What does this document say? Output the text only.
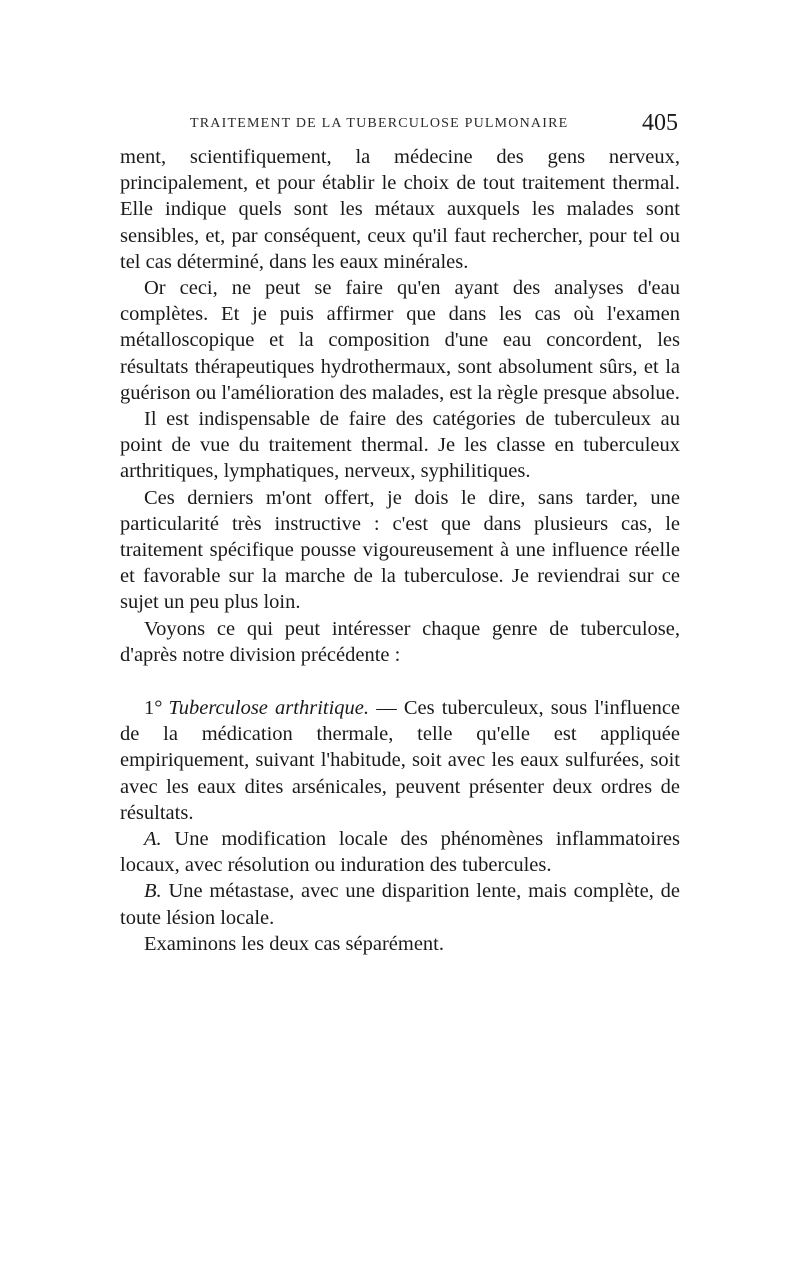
TRAITEMENT DE LA TUBERCULOSE PULMONAIRE	405

ment, scientifiquement, la médecine des gens nerveux, principalement, et pour établir le choix de tout traitement thermal. Elle indique quels sont les métaux auxquels les malades sont sensibles, et, par conséquent, ceux qu'il faut rechercher, pour tel ou tel cas déterminé, dans les eaux minérales.

Or ceci, ne peut se faire qu'en ayant des analyses d'eau complètes. Et je puis affirmer que dans les cas où l'examen métalloscopique et la composition d'une eau concordent, les résultats thérapeutiques hydrothermaux, sont absolument sûrs, et la guérison ou l'amélioration des malades, est la règle presque absolue.

Il est indispensable de faire des catégories de tuberculeux au point de vue du traitement thermal. Je les classe en tuberculeux arthritiques, lymphatiques, nerveux, syphilitiques.

Ces derniers m'ont offert, je dois le dire, sans tarder, une particularité très instructive : c'est que dans plusieurs cas, le traitement spécifique pousse vigoureusement à une influence réelle et favorable sur la marche de la tuberculose. Je reviendrai sur ce sujet un peu plus loin.

Voyons ce qui peut intéresser chaque genre de tuberculose, d'après notre division précédente :

1° Tuberculose arthritique. — Ces tuberculeux, sous l'influence de la médication thermale, telle qu'elle est appliquée empiriquement, suivant l'habitude, soit avec les eaux sulfurées, soit avec les eaux dites arsénicales, peuvent présenter deux ordres de résultats.

A. Une modification locale des phénomènes inflammatoires locaux, avec résolution ou induration des tubercules.

B. Une métastase, avec une disparition lente, mais complète, de toute lésion locale.

Examinons les deux cas séparément.
